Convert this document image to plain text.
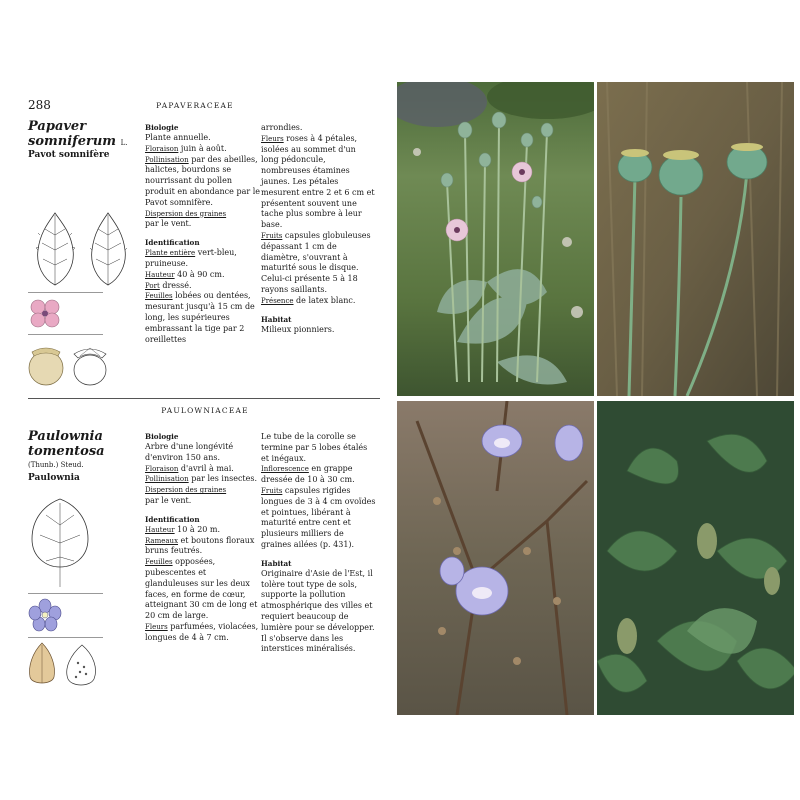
288	PAPAVERACEAE
Papaver somniferum L.
Pavot somnifère

Biologie

Plante annuelle.

Floraison juin à août.

Pollinisation par des abeilles, halictes, bourdons se nourrissant du pollen produit en abondance par le Pavot somnifère.

Dispersion des graines

par le vent.

Identification

Plante entière vert-bleu, pruineuse.

Hauteur 40 à 90 cm.

Port dressé.

Feuilles lobées ou dentées, mesurant jusqu'à 15 cm de long, les supérieures embrassant la tige par 2 oreillettes

arrondies.

Fleurs roses à 4 pétales, isolées au sommet d'un long pédoncule, nombreuses étamines jaunes. Les pétales mesurent entre 2 et 6 cm et présentent souvent une tache plus sombre à leur base.

Fruits capsules globuleuses dépassant 1 cm de diamètre, s'ouvrant à maturité sous le disque. Celui-ci présente 5 à 18 rayons saillants.

Présence de latex blanc.

Habitat

Milieux pionniers.

PAULOWNIACEAE
Paulownia tomentosa
(Thunb.) Steud.
Paulownia

Biologie

Arbre d'une longévité d'environ 150 ans.

Floraison d'avril à mai.

Pollinisation par les insectes.

Dispersion des graines

par le vent.

Identification

Hauteur 10 à 20 m.

Rameaux et boutons floraux bruns feutrés.

Feuilles opposées, pubescentes et glanduleuses sur les deux faces, en forme de cœur, atteignant 30 cm de long et 20 cm de large.

Fleurs parfumées, violacées, longues de 4 à 7 cm.

Le tube de la corolle se termine par 5 lobes étalés et inégaux.

Inflorescence en grappe dressée de 10 à 30 cm.

Fruits capsules rigides longues de 3 à 4 cm ovoïdes et pointues, libérant à maturité entre cent et plusieurs milliers de graines ailées (p. 431).

Habitat

Originaire d'Asie de l'Est, il tolère tout type de sols, supporte la pollution atmosphérique des villes et requiert beaucoup de lumière pour se développer. Il s'observe dans les interstices minéralisés.
